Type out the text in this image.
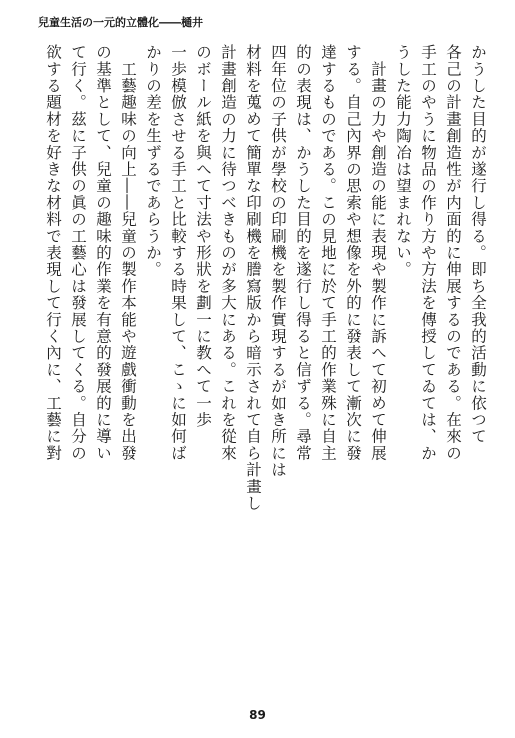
兒童生活の一元的立體化――樋井
かうした目的が遂行し得る。即ち全我的活動に依つて
各己の計畫創造性が内面的に伸展するのである。在來の
手工のやうに物品の作り方や方法を傳授してゐては、か
うした能力陶冶は望まれない。
　計畫の力や創造の能に表現や製作に訴へて初めて伸展
する。自己內界の思索や想像を外的に發表して漸次に發
達するものである。この見地に於て手工的作業殊に自主
的の表現は、かうした目的を遂行し得ると信ずる。尋常
四年位の子供が學校の印刷機を製作實現するが如き所には
材料を蒐めて簡單な印刷機を謄寫版から暗示されて自ら計畫し
計畫創造の力に待つべきものが多大にある。これを從來
のボール紙を與へて寸法や形狀を劃一に教へて一歩
一歩模倣させる手工と比較する時果して、こゝに如何ば
かりの差を生ずるであらうか。
　工藝趣味の向上――兒童の製作本能や遊戲衝動を出發
の基準として、兒童の趣味的作業を有意的發展的に導い
て行く。茲に子供の眞の工藝心は發展してくる。自分の
欲する題材を好きな材料で表現して行く內に、工藝に對
89
